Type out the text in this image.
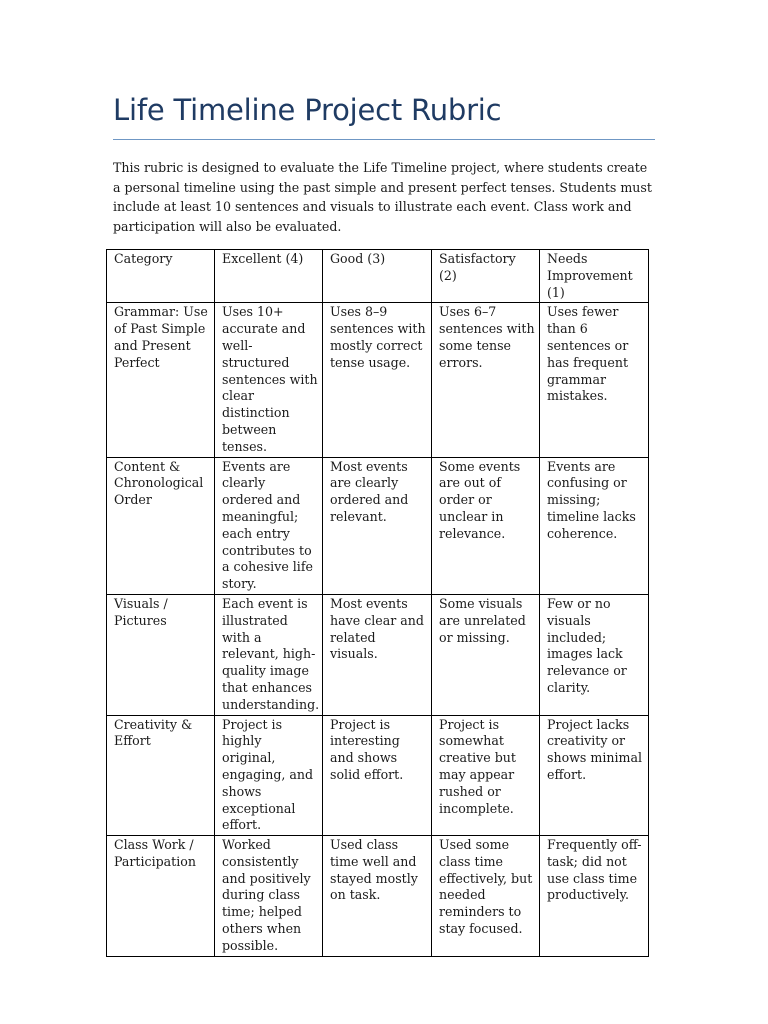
Life Timeline Project Rubric

This rubric is designed to evaluate the Life Timeline project, where students create a personal timeline using the past simple and present perfect tenses. Students must include at least 10 sentences and visuals to illustrate each event. Class work and participation will also be evaluated.

Category	Excellent (4)	Good (3)	Satisfactory (2)	Needs Improvement (1)
Grammar: Use of Past Simple and Present Perfect	Uses 10+ accurate and well-structured sentences with clear distinction between tenses.	Uses 8–9 sentences with mostly correct tense usage.	Uses 6–7 sentences with some tense errors.	Uses fewer than 6 sentences or has frequent grammar mistakes.
Content & Chronological Order	Events are clearly ordered and meaningful; each entry contributes to a cohesive life story.	Most events are clearly ordered and relevant.	Some events are out of order or unclear in relevance.	Events are confusing or missing; timeline lacks coherence.
Visuals / Pictures	Each event is illustrated with a relevant, high-quality image that enhances understanding.	Most events have clear and related visuals.	Some visuals are unrelated or missing.	Few or no visuals included; images lack relevance or clarity.
Creativity & Effort	Project is highly original, engaging, and shows exceptional effort.	Project is interesting and shows solid effort.	Project is somewhat creative but may appear rushed or incomplete.	Project lacks creativity or shows minimal effort.
Class Work / Participation	Worked consistently and positively during class time; helped others when possible.	Used class time well and stayed mostly on task.	Used some class time effectively, but needed reminders to stay focused.	Frequently off-task; did not use class time productively.
